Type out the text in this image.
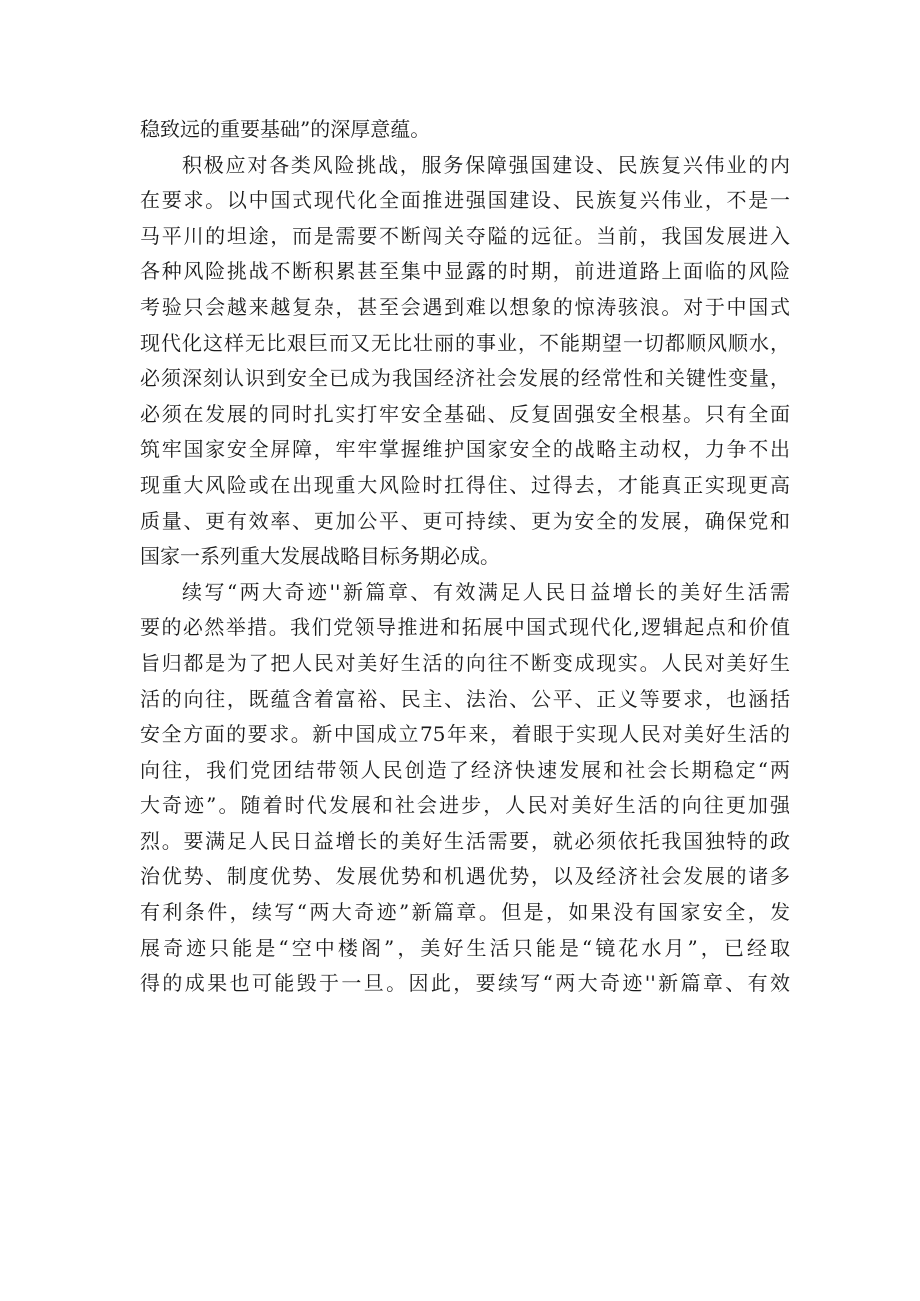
稳致远的重要基础”的深厚意蕴。
积极应对各类风险挑战，服务保障强国建设、民族复兴伟业的内
在要求。以中国式现代化全面推进强国建设、民族复兴伟业，不是一
马平川的坦途，而是需要不断闯关夺隘的远征。当前，我国发展进入
各种风险挑战不断积累甚至集中显露的时期，前进道路上面临的风险
考验只会越来越复杂，甚至会遇到难以想象的惊涛骇浪。对于中国式
现代化这样无比艰巨而又无比壮丽的事业，不能期望一切都顺风顺水，
必须深刻认识到安全已成为我国经济社会发展的经常性和关键性变量，
必须在发展的同时扎实打牢安全基础、反复固强安全根基。只有全面
筑牢国家安全屏障，牢牢掌握维护国家安全的战略主动权，力争不出
现重大风险或在出现重大风险时扛得住、过得去，才能真正实现更高
质量、更有效率、更加公平、更可持续、更为安全的发展，确保党和
国家一系列重大发展战略目标务期必成。
续写“两大奇迹''新篇章、有效满足人民日益增长的美好生活需
要的必然举措。我们党领导推进和拓展中国式现代化,逻辑起点和价值
旨归都是为了把人民对美好生活的向往不断变成现实。人民对美好生
活的向往，既蕴含着富裕、民主、法治、公平、正义等要求，也涵括
安全方面的要求。新中国成立75年来，着眼于实现人民对美好生活的
向往，我们党团结带领人民创造了经济快速发展和社会长期稳定“两
大奇迹”。随着时代发展和社会进步，人民对美好生活的向往更加强
烈。要满足人民日益增长的美好生活需要，就必须依托我国独特的政
治优势、制度优势、发展优势和机遇优势，以及经济社会发展的诸多
有利条件，续写“两大奇迹”新篇章。但是，如果没有国家安全，发
展奇迹只能是“空中楼阁”，美好生活只能是“镜花水月”，已经取
得的成果也可能毁于一旦。因此，要续写“两大奇迹''新篇章、有效
